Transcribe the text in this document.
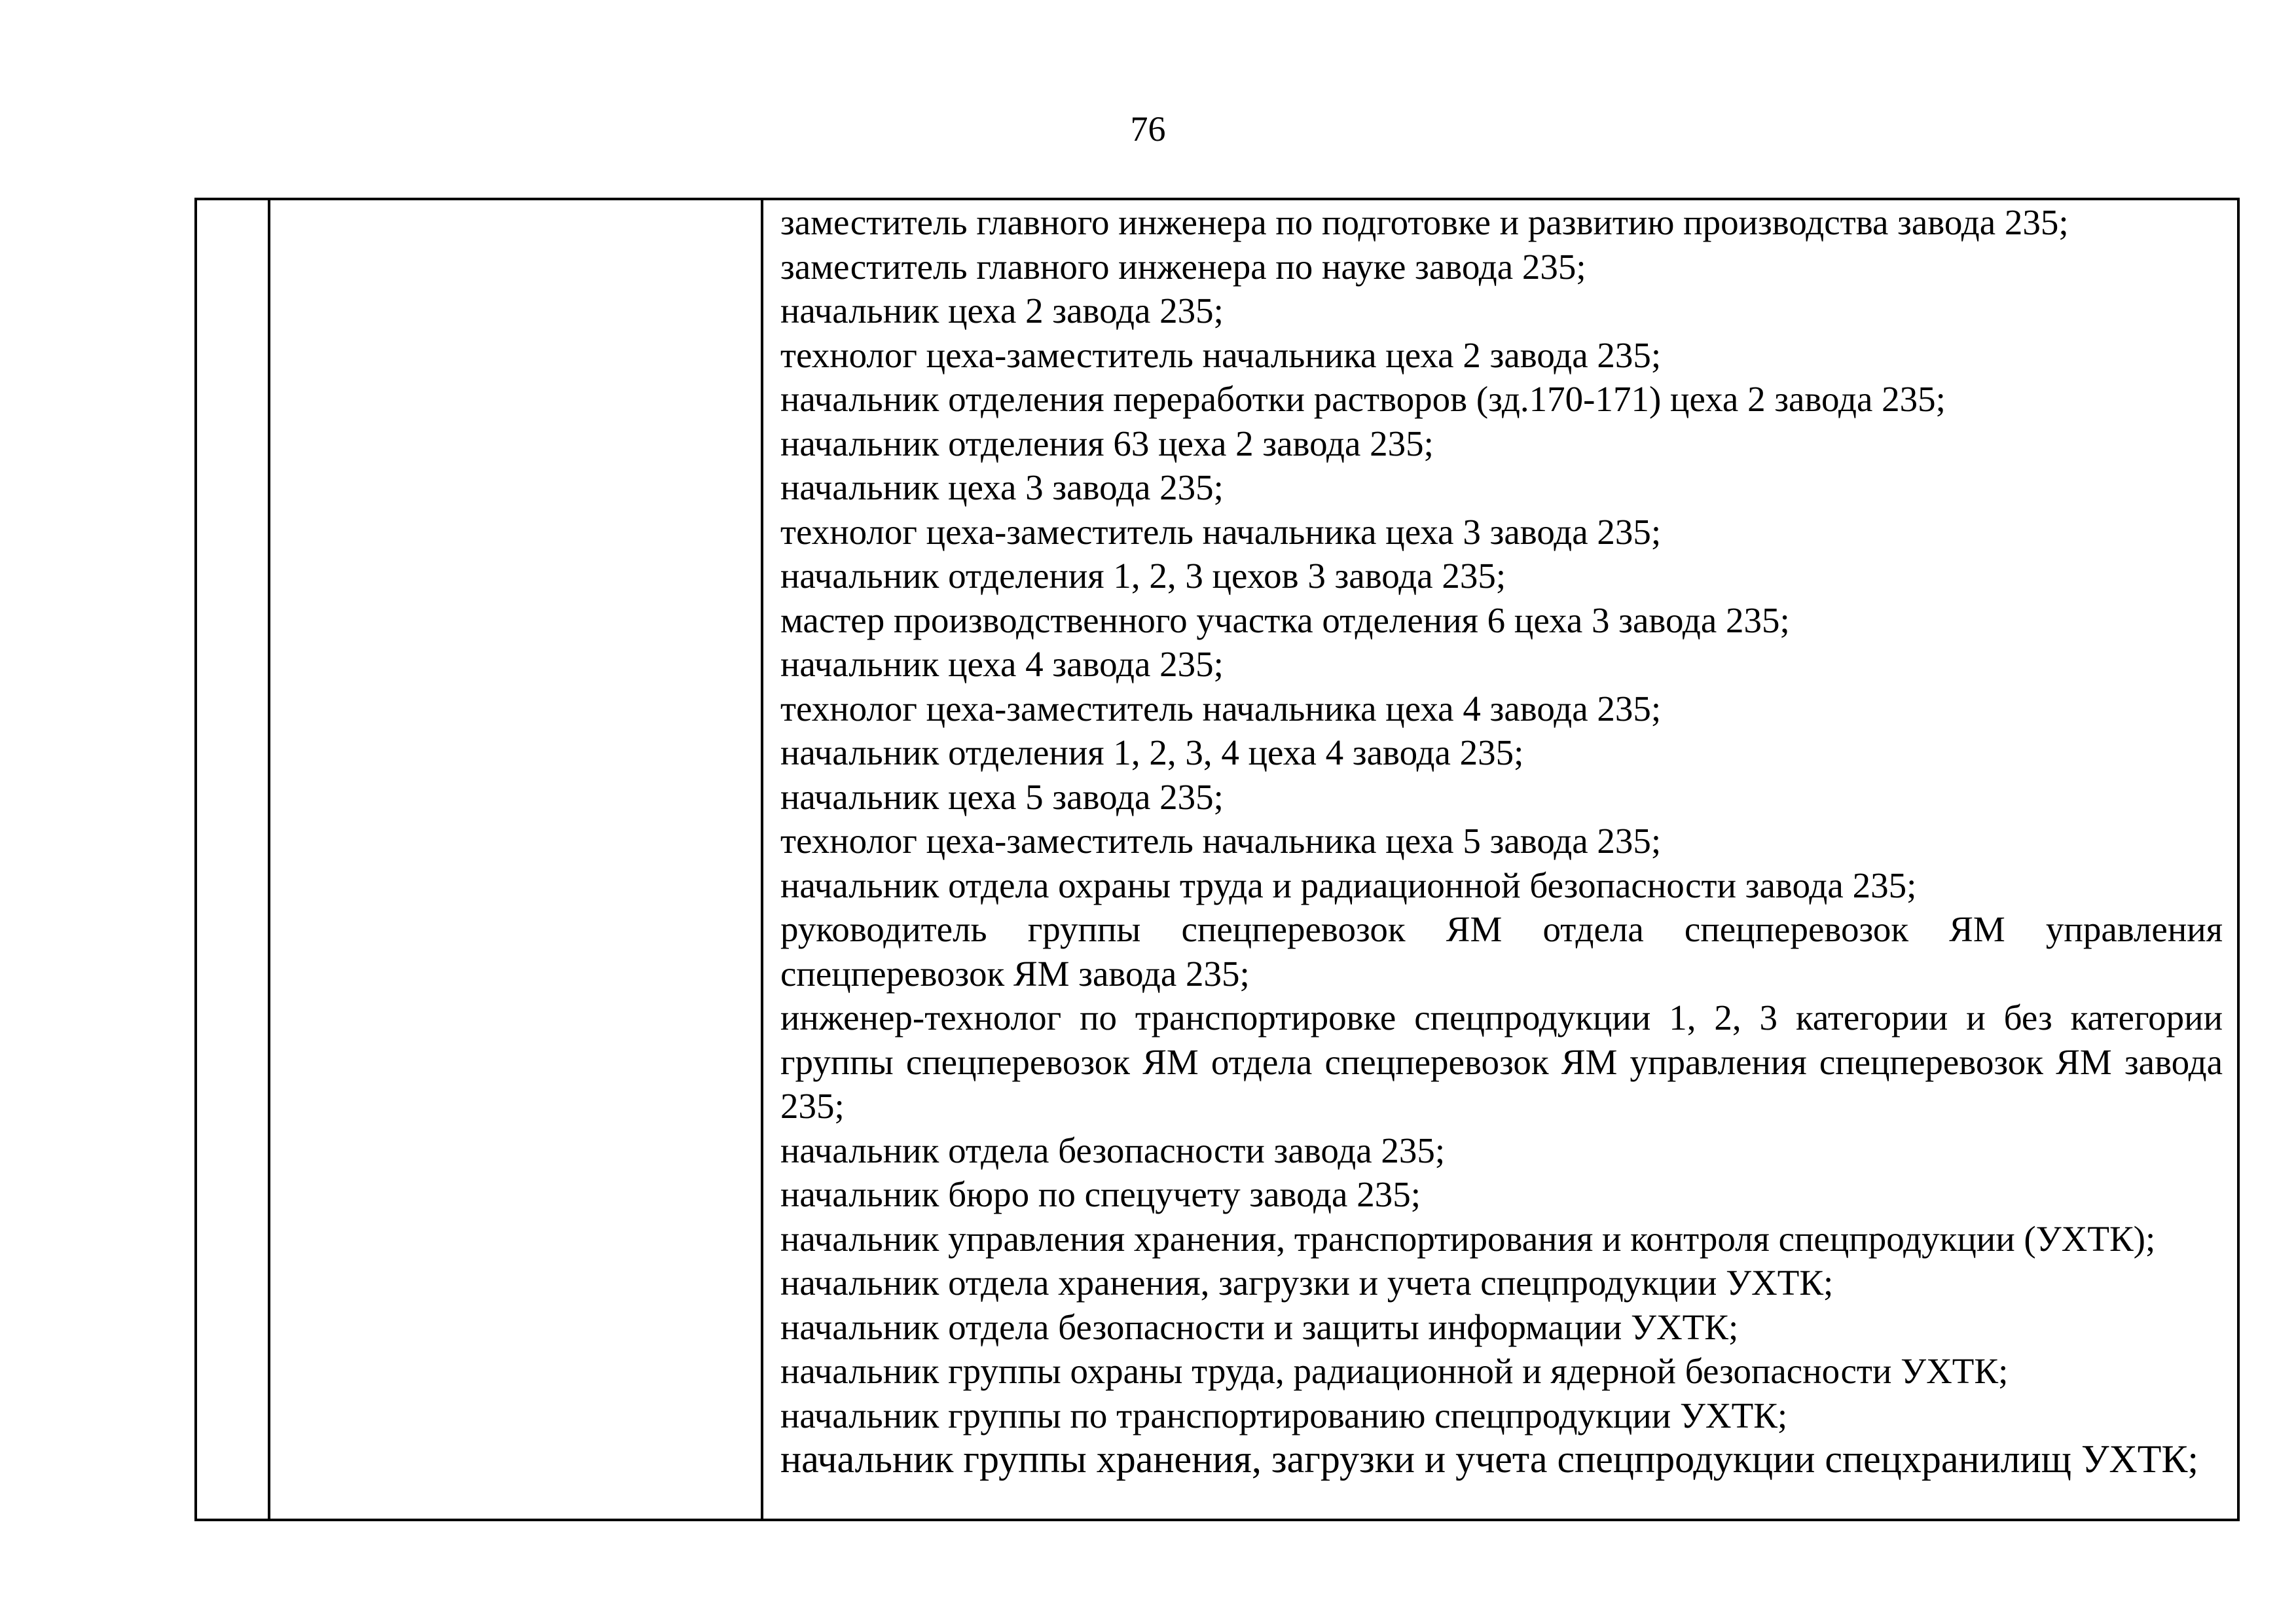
76

заместитель главного инженера по подготовке и развитию производства завода 235;
заместитель главного инженера по науке завода 235;
начальник цеха 2 завода 235;
технолог цеха-заместитель начальника цеха 2 завода 235;
начальник отделения переработки растворов (зд.170-171) цеха 2 завода 235;
начальник отделения 63 цеха 2 завода 235;
начальник цеха 3 завода 235;
технолог цеха-заместитель начальника цеха 3 завода 235;
начальник отделения 1, 2, 3 цехов 3 завода 235;
мастер производственного участка отделения 6 цеха 3 завода 235;
начальник цеха 4 завода 235;
технолог цеха-заместитель начальника цеха 4 завода 235;
начальник отделения 1, 2, 3, 4 цеха 4 завода 235;
начальник цеха 5 завода 235;
технолог цеха-заместитель начальника цеха 5 завода 235;
начальник отдела охраны труда и радиационной безопасности завода 235;
руководитель группы спецперевозок ЯМ отдела спецперевозок ЯМ управления спецперевозок ЯМ завода 235;
инженер-технолог по транспортировке спецпродукции 1, 2, 3 категории и без категории группы спецперевозок ЯМ отдела спецперевозок ЯМ управления спецперевозок ЯМ завода 235;
начальник отдела безопасности завода 235;
начальник бюро по спецучету завода 235;
начальник управления хранения, транспортирования и контроля спецпродукции (УХТК);
начальник отдела хранения, загрузки и учета спецпродукции УХТК;
начальник отдела безопасности и защиты информации УХТК;
начальник группы охраны труда, радиационной и ядерной безопасности УХТК;
начальник группы по транспортированию спецпродукции УХТК;
начальник группы хранения, загрузки и учета спецпродукции спецхранилищ УХТК;
